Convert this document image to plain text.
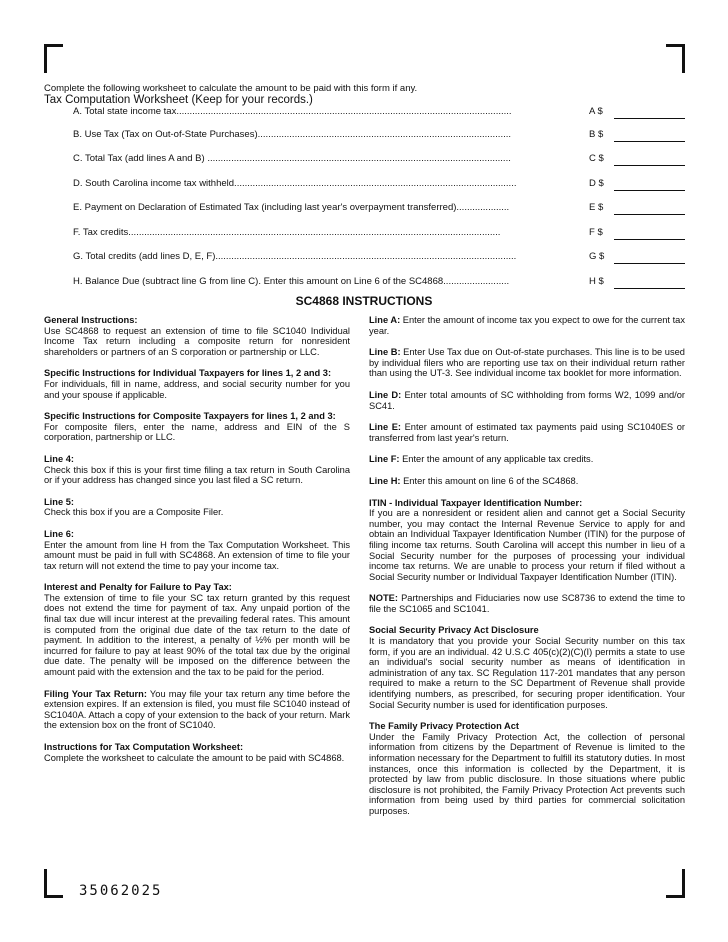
Complete the following worksheet to calculate the amount to be paid with this form if any.
Tax Computation Worksheet (Keep for your records.)
A. Total state income tax...............................................................................................................................	A $
B. Use Tax (Tax on Out-of-State Purchases)................................................................................................	B $
C. Total Tax (add lines A and B) ...................................................................................................................	C $
D. South Carolina income tax withheld...........................................................................................................	D $
E. Payment on Declaration of Estimated Tax (including last year's overpayment transferred)....................	E $
F. Tax credits.............................................................................................................................................	F $
G. Total credits (add lines D, E, F)..................................................................................................................	G $
H. Balance Due (subtract line G from line C). Enter this amount on Line 6 of the SC4868.........................	H $
SC4868 INSTRUCTIONS
General Instructions:

Use SC4868 to request an extension of time to file SC1040 Individual Income Tax return including a composite return for nonresident shareholders or partners of an S corporation or partnership or LLC.

Specific Instructions for Individual Taxpayers for lines 1, 2 and 3:

For individuals, fill in name, address, and social security number for you and your spouse if applicable.

Specific Instructions for Composite Taxpayers for lines 1, 2 and 3:

For composite filers, enter the name, address and EIN of the S corporation, partnership or LLC.

Line 4:

Check this box if this is your first time filing a tax return in South Carolina or if your address has changed since you last filed a SC return.

Line 5:

Check this box if you are a Composite Filer.

Line 6:

Enter the amount from line H from the Tax Computation Worksheet. This amount must be paid in full with SC4868. An extension of time to file your tax return will not extend the time to pay your income tax.

Interest and Penalty for Failure to Pay Tax:

The extension of time to file your SC tax return granted by this request does not extend the time for payment of tax. Any unpaid portion of the final tax due will incur interest at the prevailing federal rates. This amount is computed from the original due date of the tax return to the date of payment. In addition to the interest, a penalty of ½% per month will be incurred for failure to pay at least 90% of the total tax due by the original due date. The penalty will be imposed on the difference between the amount paid with the extension and the tax to be paid for the period.

Filing Your Tax Return: You may file your tax return any time before the extension expires. If an extension is filed, you must file SC1040 instead of SC1040A. Attach a copy of your extension to the back of your return. Mark the extension box on the front of SC1040.

Instructions for Tax Computation Worksheet:

Complete the worksheet to calculate the amount to be paid with SC4868.

Line A: Enter the amount of income tax you expect to owe for the current tax year.

Line B: Enter Use Tax due on Out-of-state purchases. This line is to be used by individual filers who are reporting use tax on their individual return rather than using the UT-3. See individual income tax booklet for more information.

Line D: Enter total amounts of SC withholding from forms W2, 1099 and/or SC41.

Line E: Enter amount of estimated tax payments paid using SC1040ES or transferred from last year's return.

Line F: Enter the amount of any applicable tax credits.

Line H: Enter this amount on line 6 of the SC4868.

ITIN - Individual Taxpayer Identification Number:

If you are a nonresident or resident alien and cannot get a Social Security number, you may contact the Internal Revenue Service to apply for and obtain an Individual Taxpayer Identification Number (ITIN) for the purpose of filing income tax returns. South Carolina will accept this number in lieu of a Social Security number for the purposes of processing your individual income tax returns. We are unable to process your return if filed without a Social Security number or Individual Taxpayer Identification Number (ITIN).

NOTE: Partnerships and Fiduciaries now use SC8736 to extend the time to file the SC1065 and SC1041.

Social Security Privacy Act Disclosure

It is mandatory that you provide your Social Security number on this tax form, if you are an individual. 42 U.S.C 405(c)(2)(C)(I) permits a state to use an individual's social security number as means of identification in administration of any tax. SC Regulation 117-201 mandates that any person required to make a return to the SC Department of Revenue shall provide identifying numbers, as prescribed, for securing proper identification. Your Social Security number is used for identification purposes.

The Family Privacy Protection Act

Under the Family Privacy Protection Act, the collection of personal information from citizens by the Department of Revenue is limited to the information necessary for the Department to fulfill its statutory duties. In most instances, once this information is collected by the Department, it is protected by law from public disclosure. In those situations where public disclosure is not prohibited, the Family Privacy Protection Act prevents such information from being used by third parties for commercial solicitation purposes.

35062025
